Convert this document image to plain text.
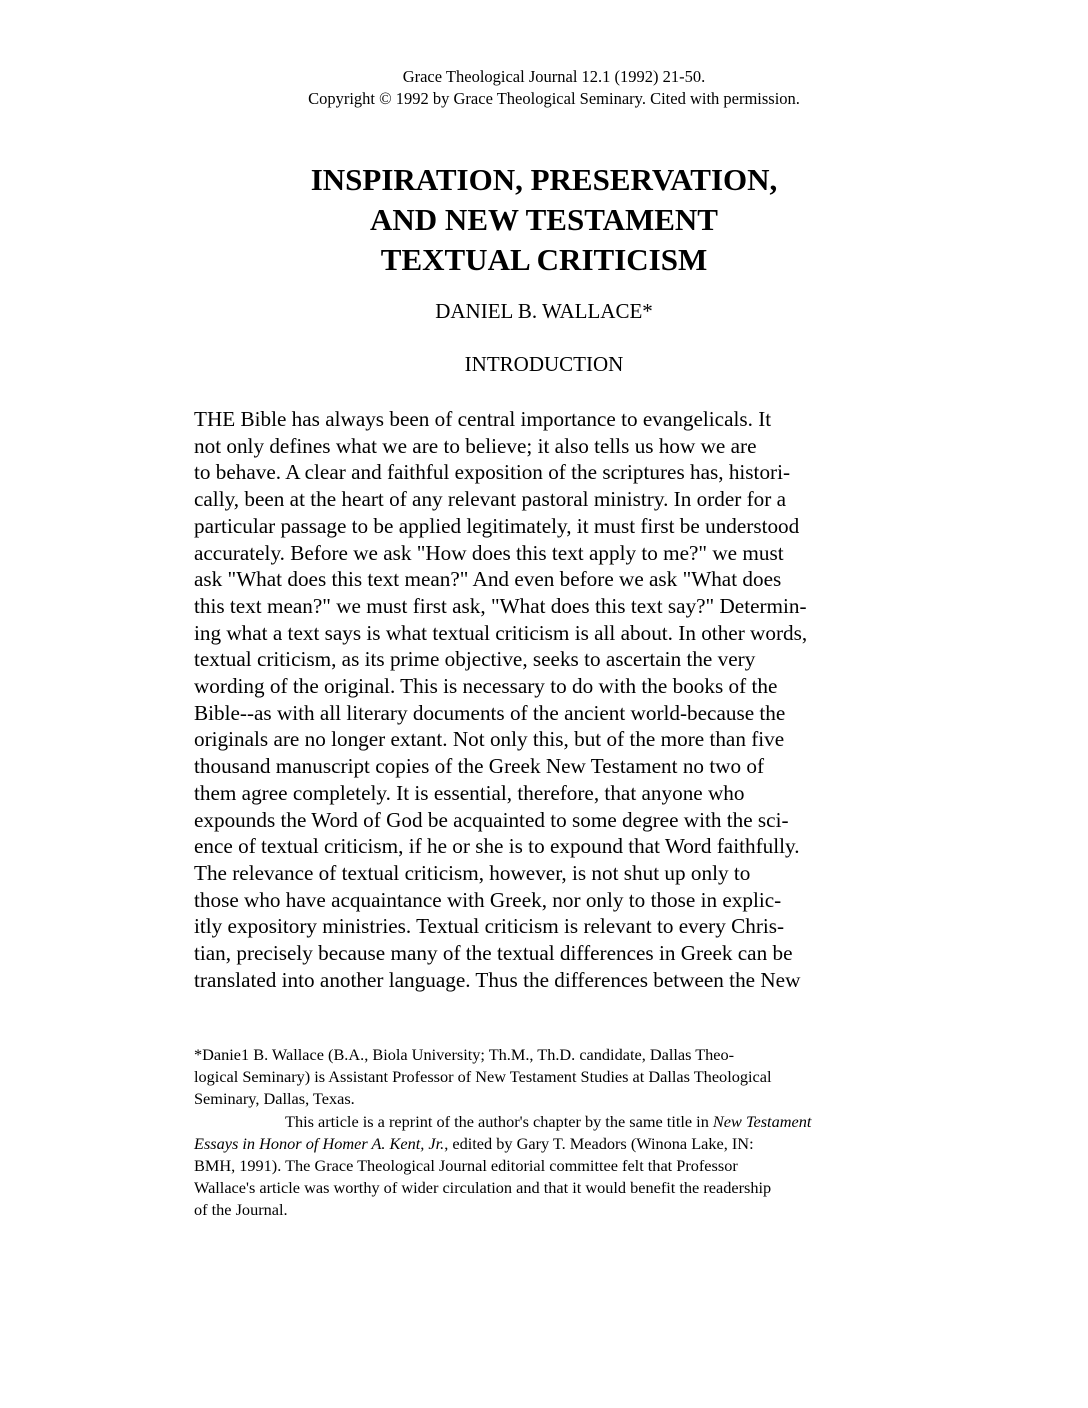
Grace Theological Journal 12.1 (1992) 21-50.
Copyright © 1992 by Grace Theological Seminary. Cited with permission.
INSPIRATION, PRESERVATION,
AND NEW TESTAMENT
TEXTUAL CRITICISM
DANIEL B. WALLACE*
INTRODUCTION
THE Bible has always been of central importance to evangelicals. It
not only defines what we are to believe; it also tells us how we are
to behave. A clear and faithful exposition of the scriptures has, histori-
cally, been at the heart of any relevant pastoral ministry. In order for a
particular passage to be applied legitimately, it must first be understood
accurately. Before we ask "How does this text apply to me?" we must
ask "What does this text mean?" And even before we ask "What does
this text mean?" we must first ask, "What does this text say?" Determin-
ing what a text says is what textual criticism is all about. In other words,
textual criticism, as its prime objective, seeks to ascertain the very
wording of the original. This is necessary to do with the books of the
Bible--as with all literary documents of the ancient world-because the
originals are no longer extant. Not only this, but of the more than five
thousand manuscript copies of the Greek New Testament no two of
them agree completely. It is essential, therefore, that anyone who
expounds the Word of God be acquainted to some degree with the sci-
ence of textual criticism, if he or she is to expound that Word faithfully.
The relevance of textual criticism, however, is not shut up only to
those who have acquaintance with Greek, nor only to those in explic-
itly expository ministries. Textual criticism is relevant to every Chris-
tian, precisely because many of the textual differences in Greek can be
translated into another language. Thus the differences between the New
*Danie1 B. Wallace (B.A., Biola University; Th.M., Th.D. candidate, Dallas Theo-
logical Seminary) is Assistant Professor of New Testament Studies at Dallas Theological
Seminary, Dallas, Texas.
This article is a reprint of the author's chapter by the same title in New Testament
Essays in Honor of Homer A. Kent, Jr., edited by Gary T. Meadors (Winona Lake, IN:
BMH, 1991). The Grace Theological Journal editorial committee felt that Professor
Wallace's article was worthy of wider circulation and that it would benefit the readership
of the Journal.
